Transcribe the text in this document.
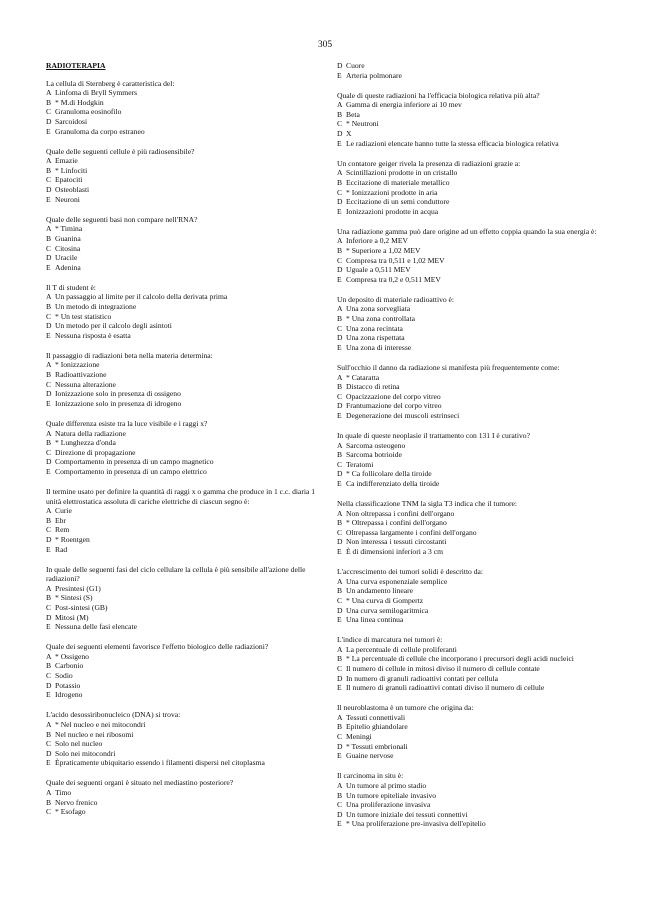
305
RADIOTERAPIA

La cellula di Sternberg è caratteristica del:

A Linfoma di Bryll Symmers
B * M.di Hodgkin
C Granuloma eosinofilo
D Sarcoidosi
E Granuloma da corpo estraneo

Quale delle seguenti cellule è più radiosensibile?

A Emazie
B * Linfociti
C Epatociti
D Osteoblasti
E Neuroni

Quale delle seguenti basi non compare nell'RNA?

A * Timina
B Guanina
C Citosina
D Uracile
E Adenina

Il T di student è:

A Un passaggio al limite per il calcolo della derivata prima
B Un metodo di integrazione
C * Un test statistico
D Un metodo per il calcolo degli asintoti
E Nessuna risposta è esatta

Il passaggio di radiazioni beta nella materia determina:

A * Ionizzazione
B Radioattivazione
C Nessuna alterazione
D Ionizzazione solo in presenza di ossigeno
E Ionizzazione solo in presenza di idrogeno

Quale differenza esiste tra la luce visibile e i raggi x?

A Natura della radiazione
B * Lunghezza d'onda
C Direzione di propagazione
D Comportamento in presenza di un campo magnetico
E Comportamento in presenza di un campo elettrico

Il termine usato per definire la quantità di raggi x o gamma che produce in 1 c.c. diaria 1 unità elettrostatica assoluta di cariche elettriche di ciascun segno è:

A Curie
B Ebr
C Rem
D * Roentgen
E Rad

In quale delle seguenti fasi del ciclo cellulare la cellula è più sensibile all'azione delle radiazioni?

A Presintesi (G1)
B * Sintesi (S)
C Post-sintesi (GB)
D Mitosi (M)
E Nessuna delle fasi elencate

Quale dei seguenti elementi favorisce l'effetto biologico delle radiazioni?

A * Ossigeno
B Carbonio
C Sodio
D Potassio
E Idrogeno

L'acido desossiribonucleico (DNA) si trova:

A * Nel nucleo e nei mitocondri
B Nel nucleo e nei ribosomi
C Solo nel nucleo
D Solo nei mitocondri
E Èpraticamente ubiquitario essendo i filamenti dispersi nel citoplasma

Quale dei seguenti organi è situato nel mediastino posteriore?

A Timo
B Nervo frenico
C * Esofago
D Cuore
E Arteria polmonare

Quale di queste radiazioni ha l'efficacia biologica relativa più alta?

A Gamma di energia inferiore ai 10 mev
B Beta
C * Neutroni
D X
E Le radiazioni elencate hanno tutte la stessa efficacia biologica relativa

Un contatore geiger rivela la presenza di radiazioni grazie a:

A Scintillazioni prodotte in un cristallo
B Eccitazione di materiale metallico
C * Ionizzazioni prodotte in aria
D Eccitazione di un semi conduttore
E Ionizzazioni prodotte in acqua

Una radiazione gamma può dare origine ad un effetto coppia quando la sua energia è:

A Inferiore a 0,2 MEV
B * Superiore a 1,02 MEV
C Compresa tra 0,511 e 1,02 MEV
D Uguale a 0,511 MEV
E Compresa tra 0,2 e 0,511 MEV

Un deposito di materiale radioattivo è:

A Una zona sorvegliata
B * Una zona controllata
C Una zona recintata
D Una zona rispettata
E Una zona di interesse

Sull'occhio il danno da radiazione si manifesta più frequentemente come:

A * Cataratta
B Distacco di retina
C Opacizzazione del corpo vitreo
D Frantumazione del corpo vitreo
E Degenerazione dei muscoli estrinseci

In quale di queste neoplasie il trattamento con 131 I è curativo?

A Sarcoma osteogeno
B Sarcoma botrioide
C Teratomi
D * Ca follicolare della tiroide
E Ca indifferenziato della tiroide

Nella classificazione TNM la sigla T3 indica che il tumore:

A Non oltrepassa i confini dell'organo
B * Oltrepassa i confini dell'organo
C Oltrepassa largamente i confini dell'organo
D Non interessa i tessuti circostanti
E È di dimensioni inferiori a 3 cm

L'accrescimento dei tumori solidi è descritto da:

A Una curva esponenziale semplice
B Un andamento lineare
C * Una curva di Gompertz
D Una curva semilogaritmica
E Una linea continua

L'indice di marcatura nei tumori è:

A La percentuale di cellule proliferanti
B * La percentuale di cellule che incorporano i precursori degli acidi nucleici
C Il numero di cellule in mitosi diviso il numero di cellule contate
D In numero di granuli radioattivi contati per cellula
E Il numero di granuli radioattivi contati diviso il numero di cellule

Il neuroblastoma è un tumore che origina da:

A Tessuti connettivali
B Epitelio ghiandolare
C Meningi
D * Tessuti embrionali
E Guaine nervose

Il carcinoma in situ è:

A Un tumore al primo stadio
B Un tumore epiteliale invasivo
C Una proliferazione invasiva
D Un tumore iniziale dei tessuti connettivi
E * Una proliferazione pre-invasiva dell'epitelio
